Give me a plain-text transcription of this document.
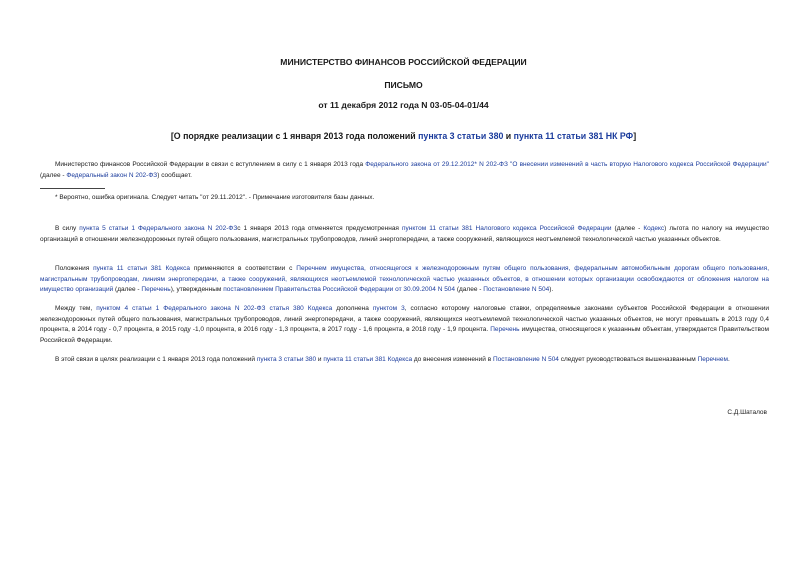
МИНИСТЕРСТВО ФИНАНСОВ РОССИЙСКОЙ ФЕДЕРАЦИИ
ПИСЬМО
от 11 декабря 2012 года N 03-05-04-01/44
[О порядке реализации с 1 января 2013 года положений пункта 3 статьи 380 и пункта 11 статьи 381 НК РФ]
Министерство финансов Российской Федерации в связи с вступлением в силу с 1 января 2013 года Федерального закона от 29.12.2012* N 202-ФЗ "О внесении изменений в часть вторую Налогового кодекса Российской Федерации" (далее - Федеральный закон N 202-ФЗ) сообщает.
* Вероятно, ошибка оригинала. Следует читать "от 29.11.2012". - Примечание изготовителя базы данных.
В силу пункта 5 статьи 1 Федерального закона N 202-ФЗс 1 января 2013 года отменяется предусмотренная пунктом 11 статьи 381 Налогового кодекса Российской Федерации (далее - Кодекс) льгота по налогу на имущество организаций в отношении железнодорожных путей общего пользования, магистральных трубопроводов, линий энергопередачи, а также сооружений, являющихся неотъемлемой технологической частью указанных объектов.
Положения пункта 11 статьи 381 Кодекса применяются в соответствии с Перечнем имущества, относящегося к железнодорожным путям общего пользования, федеральным автомобильным дорогам общего пользования, магистральным трубопроводам, линиям энергопередачи, а также сооружений, являющихся неотъемлемой технологической частью указанных объектов, в отношении которых организации освобождаются от обложения налогом на имущество организаций (далее - Перечень), утвержденным постановлением Правительства Российской Федерации от 30.09.2004 N 504 (далее - Постановление N 504).
Между тем, пунктом 4 статьи 1 Федерального закона N 202-ФЗ статья 380 Кодекса дополнена пунктом 3, согласно которому налоговые ставки, определяемые законами субъектов Российской Федерации в отношении железнодорожных путей общего пользования, магистральных трубопроводов, линий энергопередачи, а также сооружений, являющихся неотъемлемой технологической частью указанных объектов, не могут превышать в 2013 году 0,4 процента, в 2014 году - 0,7 процента, в 2015 году -1,0 процента, в 2016 году - 1,3 процента, в 2017 году - 1,6 процента, в 2018 году - 1,9 процента. Перечень имущества, относящегося к указанным объектам, утверждается Правительством Российской Федерации.
В этой связи в целях реализации с 1 января 2013 года положений пункта 3 статьи 380 и пункта 11 статьи 381 Кодекса до внесения изменений в Постановление N 504 следует руководствоваться вышеназванным Перечнем.
С.Д.Шаталов
